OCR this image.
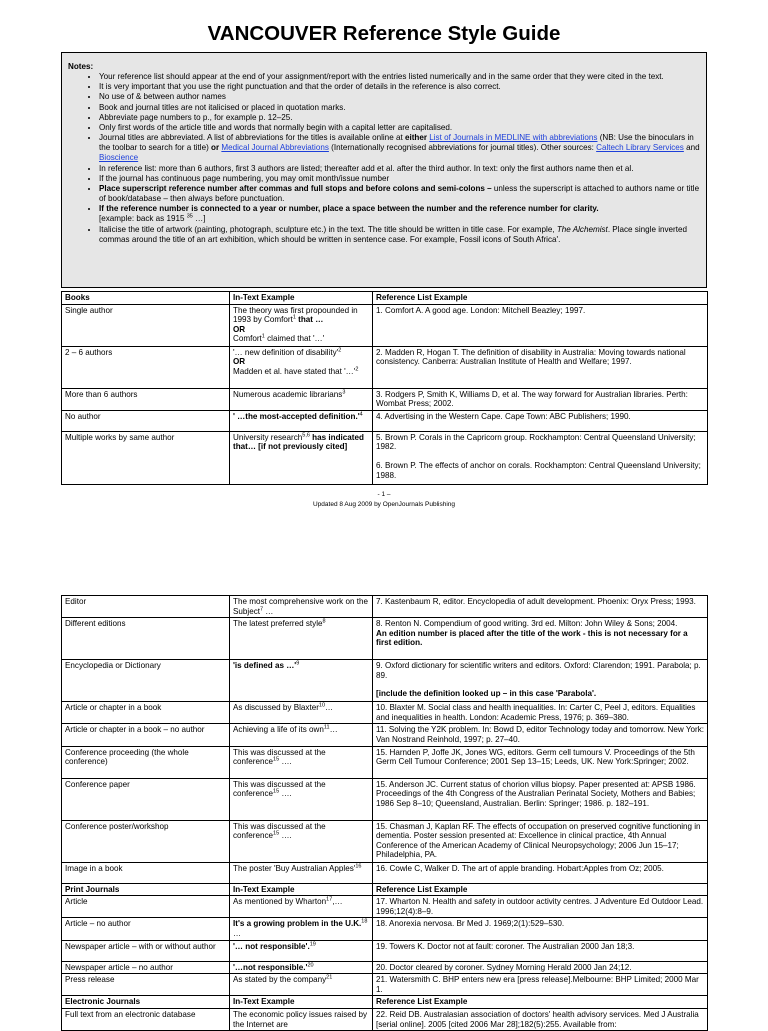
VANCOUVER Reference Style Guide
Notes:
• Your reference list should appear at the end of your assignment/report with the entries listed numerically and in the same order that they were cited in the text.
• It is very important that you use the right punctuation and that the order of details in the reference is also correct.
• No use of & between author names
• Book and journal titles are not italicised or placed in quotation marks.
• Abbreviate page numbers to p., for example p. 12–25.
• Only first words of the article title and words that normally begin with a capital letter are capitalised.
• Journal titles are abbreviated. A list of abbreviations for the titles is available online at either List of Journals in MEDLINE with abbreviations (NB: Use the binoculars in the toolbar to search for a title) or Medical Journal Abbreviations (Internationally recognised abbreviations for journal titles). Other sources: Caltech Library Services and Bioscience
• In reference list: more than 6 authors, first 3 authors are listed; thereafter add et al. after the third author. In text: only the first authors name then et al.
• If the journal has continuous page numbering, you may omit month/issue number
• Place superscript reference number after commas and full stops and before colons and semi-colons – unless the superscript is attached to authors name or title of book/database – then always before punctuation.
• If the reference number is connected to a year or number, place a space between the number and the reference number for clarity.
[example: back as 1915 $^{35}$ …]
• Italicise the title of artwork (painting, photograph, sculpture etc.) in the text. The title should be written in title case. For example, The Alchemist. Place single inverted commas around the title of an art exhibition, which should be written in sentence case. For example, Fossil icons of South Africa'.
Books	In-Text Example	Reference List Example
Single author	The theory was first propounded in 1993 by Comfort$^1$ that …
OR
Comfort$^1$ claimed that '…'	1. Comfort A. A good age. London: Mitchell Beazley; 1997.
2 – 6 authors	'… new definition of $disability'^2$
OR
Madden et al. have stated that '$\dots'^2$	2. Madden R, Hogan T. The definition of disability in Australia: Moving towards national consistency. Canberra: Australian Institute of Health and Welfare; 1997.
More than 6 authors	Numerous academic librarians$^3$	3. Rodgers P, Smith K, Williams D, et al. The way forward for Australian libraries. Perth: Wombat Press; 2002.
No author	' …the most-accepted $definition.'^4$	4. Advertising in the Western Cape. Cape Town: ABC Publishers; 1990.
Multiple works by same author	University research$^{5,6}$ has indicated that… [if not previously cited]	5. Brown P. Corals in the Capricorn group. Rockhampton: Central Queensland University; 1982.
6. Brown P. The effects of anchor on corals. Rockhampton: Central Queensland University; 1988.
- 1 –
Updated 8 Aug 2009 by OpenJournals Publishing
Editor	The most comprehensive work on the Subject$^7$ …	7. Kastenbaum R, editor. Encyclopedia of adult development. Phoenix: Oryx Press; 1993.
Different editions	The latest preferred style$^8$	8. Renton N. Compendium of good writing. 3rd ed. Milton: John Wiley & Sons; 2004.
An edition number is placed after the title of the work - this is not necessary for a first edition.
Encyclopedia or Dictionary	'is defined as $\dots'^9$	9. Oxford dictionary for scientific writers and editors. Oxford: Clarendon; 1991. Parabola; p. 89.
[include the definition looked up – in this case 'Parabola'.
Article or chapter in a book	As discussed by Blaxter$^{10}$…	10. Blaxter M. Social class and health inequalities. In: Carter C, Peel J, editors. Equalities and inequalities in health. London: Academic Press, 1976; p. 369–380.
Article or chapter in a book – no author	Achieving a life of its own$^{11}$…	11. Solving the Y2K problem. In: Bowd D, editor Technology today and tomorrow. New York: Van Nostrand Reinhold, 1997; p. 27–40.
Conference proceeding (the whole conference)	This was discussed at the conference$^{15}$ ….	15. Harnden P, Joffe JK, Jones WG, editors. Germ cell tumours V. Proceedings of the 5th Germ Cell Tumour Conference; 2001 Sep 13–15; Leeds, UK. New York:Springer; 2002.
Conference paper	This was discussed at the conference$^{15}$ ….	15. Anderson JC. Current status of chorion villus biopsy. Paper presented at: APSB 1986. Proceedings of the 4th Congress of the Australian Perinatal Society, Mothers and Babies; 1986 Sep 8–10; Queensland, Australian. Berlin: Springer; 1986. p. 182–191.
Conference poster/workshop	This was discussed at the conference$^{15}$ ….	15. Chasman J, Kaplan RF. The effects of occupation on preserved cognitive functioning in dementia. Poster session presented at: Excellence in clinical practice, 4th Annual Conference of the American Academy of Clinical Neuropsychology; 2006 Jun 15–17; Philadelphia, PA.
Image in a book	The poster 'Buy Australian $Apples'^{16}$	16. Cowle C, Walker D. The art of apple branding. Hobart:Apples from Oz; 2005.
Print Journals	In-Text Example	Reference List Example
Article	As mentioned by Wharton$^{17}$,…	17. Wharton N. Health and safety in outdoor activity centres. J Adventure Ed Outdoor Lead. 1996;12(4):8–9.
Article – no author	It's a growing problem in the U.K.$^{18}$ …	18. Anorexia nervosa. Br Med J. 1969;2(1):529–530.
Newspaper article – with or without author	'… not responsible'.$^{19}$	19. Towers K. Doctor not at fault: coroner. The Australian 2000 Jan 18;3.
Newspaper article – no author	'…not $responsible.'^{20}$	20. Doctor cleared by coroner. Sydney Morning Herald 2000 Jan 24;12.
Press release	As stated by the company$^{21}$	21. Watersmith C. BHP enters new era [press release].Melbourne: BHP Limited; 2000 Mar 1.
Electronic Journals	In-Text Example	Reference List Example
Full text from an electronic database	The economic policy issues raised by the Internet are	22. Reid DB. Australasian association of doctors' health advisory services. Med J Australia [serial online]. 2005 [cited 2006 Mar 28];182(5):255. Available from:
